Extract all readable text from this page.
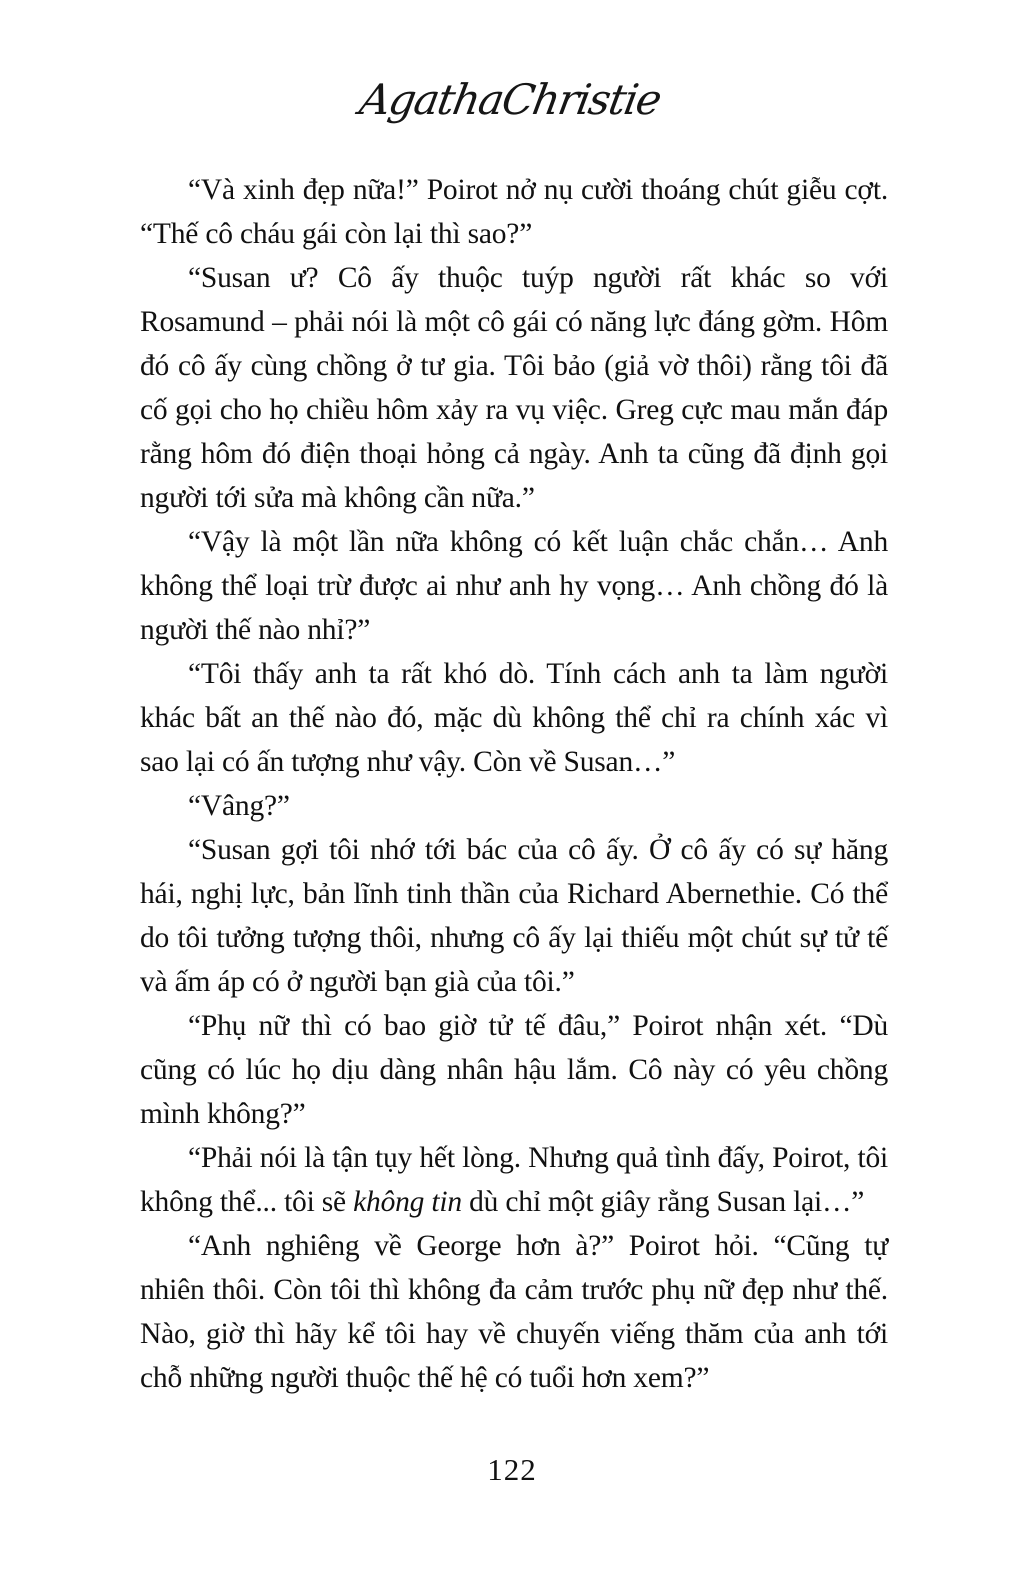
AgathaChristie

“Và xinh đẹp nữa!” Poirot nở nụ cười thoáng chút giễu cợt. “Thế cô cháu gái còn lại thì sao?”

“Susan ư? Cô ấy thuộc tuýp người rất khác so với Rosamund – phải nói là một cô gái có năng lực đáng gờm. Hôm đó cô ấy cùng chồng ở tư gia. Tôi bảo (giả vờ thôi) rằng tôi đã cố gọi cho họ chiều hôm xảy ra vụ việc. Greg cực mau mắn đáp rằng hôm đó điện thoại hỏng cả ngày. Anh ta cũng đã định gọi người tới sửa mà không cần nữa.”

“Vậy là một lần nữa không có kết luận chắc chắn… Anh không thể loại trừ được ai như anh hy vọng… Anh chồng đó là người thế nào nhỉ?”

“Tôi thấy anh ta rất khó dò. Tính cách anh ta làm người khác bất an thế nào đó, mặc dù không thể chỉ ra chính xác vì sao lại có ấn tượng như vậy. Còn về Susan…”

“Vâng?”

“Susan gợi tôi nhớ tới bác của cô ấy. Ở cô ấy có sự hăng hái, nghị lực, bản lĩnh tinh thần của Richard Abernethie. Có thể do tôi tưởng tượng thôi, nhưng cô ấy lại thiếu một chút sự tử tế và ấm áp có ở người bạn già của tôi.”

“Phụ nữ thì có bao giờ tử tế đâu,” Poirot nhận xét. “Dù cũng có lúc họ dịu dàng nhân hậu lắm. Cô này có yêu chồng mình không?”

“Phải nói là tận tụy hết lòng. Nhưng quả tình đấy, Poirot, tôi không thể... tôi sẽ không tin dù chỉ một giây rằng Susan lại…”

“Anh nghiêng về George hơn à?” Poirot hỏi. “Cũng tự nhiên thôi. Còn tôi thì không đa cảm trước phụ nữ đẹp như thế. Nào, giờ thì hãy kể tôi hay về chuyến viếng thăm của anh tới chỗ những người thuộc thế hệ có tuổi hơn xem?”

122
